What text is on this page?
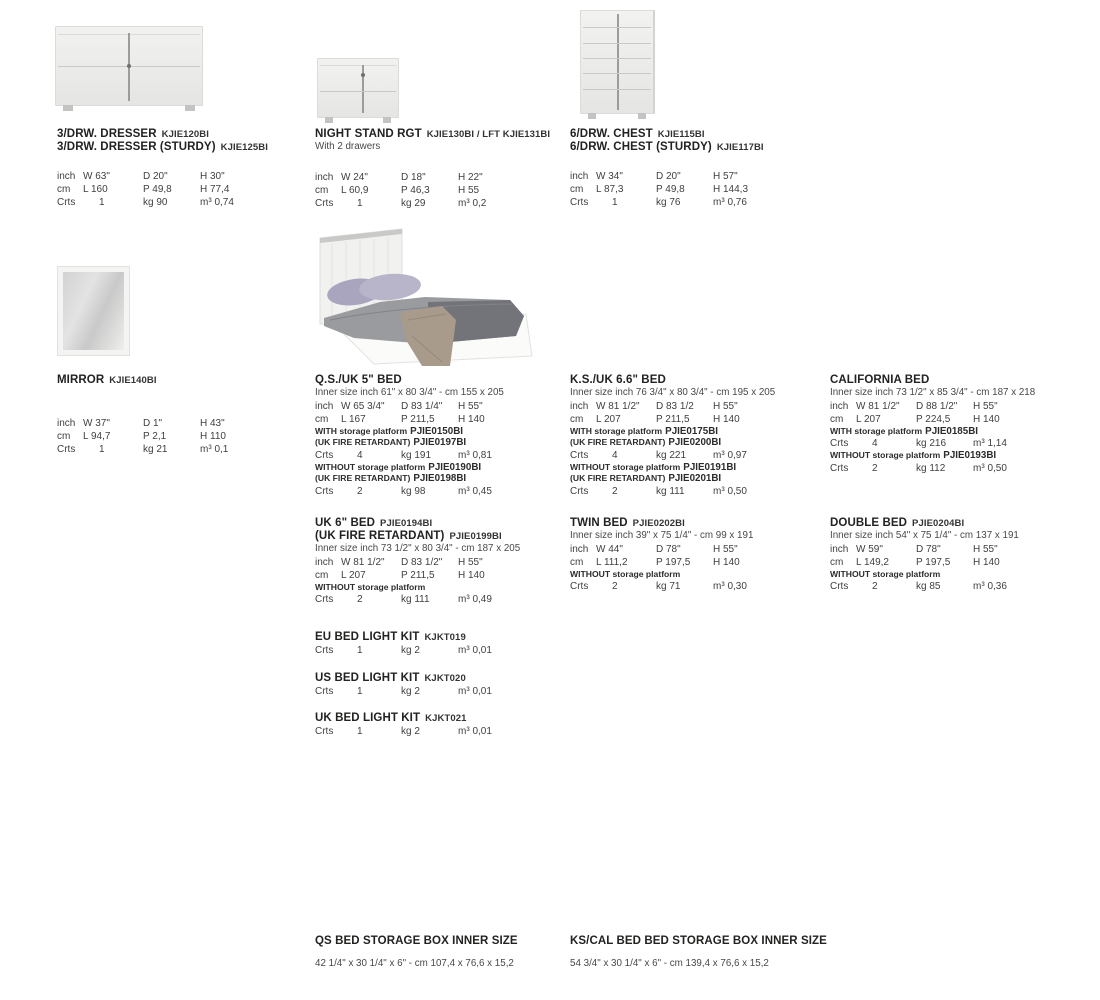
3/DRW. DRESSER KJIE120BI
3/DRW. DRESSER (STURDY) KJIE125BI
inch W 63"	D 20"	H 30"
cm	L 160	P 49,8	H 77,4
Crts	1	kg 90	m³ 0,74
NIGHT STAND RGT KJIE130BI / LFT KJIE131BI
With 2 drawers
inch W 24"	D 18"	H 22"
cm	L 60,9	P 46,3	H 55
Crts	1	kg 29	m³ 0,2
6/DRW. CHEST KJIE115BI
6/DRW. CHEST (STURDY) KJIE117BI
inch W 34"	D 20"	H 57"
cm	L 87,3	P 49,8	H 144,3
Crts	1	kg 76	m³ 0,76
MIRROR KJIE140BI
inch W 37"	D 1"	H 43"
cm	L 94,7	P 2,1	H 110
Crts	1	kg 21	m³ 0,1
Q.S./UK 5" BED
Inner size inch 61" x 80 3/4" - cm 155 x 205
inch W 65 3/4"	D 83 1/4"	H 55"
cm	L 167	P 211,5	H 140
WITH storage platform PJIE0150BI
(UK FIRE RETARDANT) PJIE0197BI
Crts	4	kg 191	m³ 0,81
WITHOUT storage platform PJIE0190BI
(UK FIRE RETARDANT) PJIE0198BI
Crts	2	kg 98	m³ 0,45
K.S./UK 6.6" BED
Inner size inch 76 3/4" x 80 3/4" - cm 195 x 205
inch W 81 1/2"	D 83 1/2	H 55"
cm	L 207	P 211,5	H 140
WITH storage platform PJIE0175BI
(UK FIRE RETARDANT) PJIE0200BI
Crts	4	kg 221	m³ 0,97
WITHOUT storage platform PJIE0191BI
(UK FIRE RETARDANT) PJIE0201BI
Crts	2	kg 111	m³ 0,50
CALIFORNIA BED
Inner size inch 73 1/2" x 85 3/4" - cm 187 x 218
inch W 81 1/2"	D 88 1/2"	H 55"
cm	L 207	P 224,5	H 140
WITH storage platform PJIE0185BI
Crts	4	kg 216	m³ 1,14
WITHOUT storage platform PJIE0193BI
Crts	2	kg 112	m³ 0,50
UK 6" BED PJIE0194BI
(UK FIRE RETARDANT) PJIE0199BI
Inner size inch 73 1/2" x 80 3/4" - cm 187 x 205
inch W 81 1/2"	D 83 1/2"	H 55"
cm	L 207	P 211,5	H 140
WITHOUT storage platform
Crts	2	kg 111	m³ 0,49
TWIN BED PJIE0202BI
Inner size inch 39" x 75 1/4" - cm 99 x 191
inch W 44"	D 78"	H 55"
cm	L 111,2	P 197,5	H 140
WITHOUT storage platform
Crts	2	kg 71	m³ 0,30
DOUBLE BED PJIE0204BI
Inner size inch 54" x 75 1/4" - cm 137 x 191
inch W 59"	D 78"	H 55"
cm	L 149,2	P 197,5	H 140
WITHOUT storage platform
Crts	2	kg 85	m³ 0,36
EU BED LIGHT KIT KJKT019
Crts	1	kg 2	m³ 0,01
US BED LIGHT KIT KJKT020
Crts	1	kg 2	m³ 0,01
UK BED LIGHT KIT KJKT021
Crts	1	kg 2	m³ 0,01
QS BED STORAGE BOX INNER SIZE
42 1/4" x 30 1/4" x 6" - cm 107,4 x 76,6 x 15,2
KS/CAL BED BED STORAGE BOX INNER SIZE
54 3/4" x 30 1/4" x 6" - cm 139,4 x 76,6 x 15,2
